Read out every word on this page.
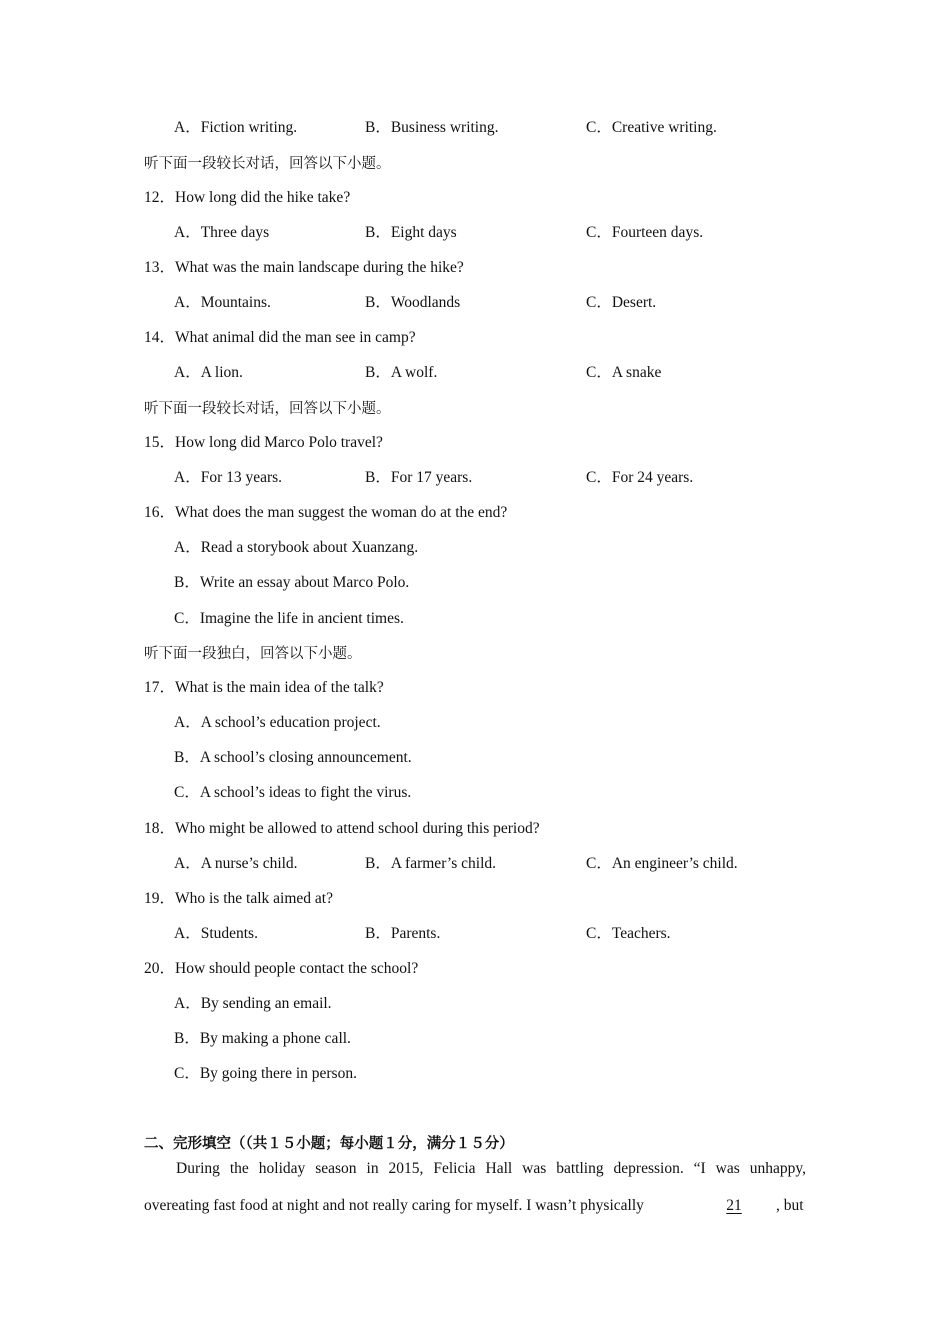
A．Fiction writing.	B．Business writing.	C．Creative writing.
听下面一段较长对话，回答以下小题。
12．How long did the hike take?
A．Three days	B．Eight days	C．Fourteen days.
13．What was the main landscape during the hike?
A．Mountains.	B．Woodlands	C．Desert.
14．What animal did the man see in camp?
A．A lion.	B．A wolf.	C．A snake
听下面一段较长对话，回答以下小题。
15．How long did Marco Polo travel?
A．For 13 years.	B．For 17 years.	C．For 24 years.
16．What does the man suggest the woman do at the end?
A．Read a storybook about Xuanzang.
B．Write an essay about Marco Polo.
C．Imagine the life in ancient times.
听下面一段独白，回答以下小题。
17．What is the main idea of the talk?
A．A school’s education project.
B．A school’s closing announcement.
C．A school’s ideas to fight the virus.
18．Who might be allowed to attend school during this period?
A．A nurse’s child.	B．A farmer’s child.	C．An engineer’s child.
19．Who is the talk aimed at?
A．Students.	B．Parents.	C．Teachers.
20．How should people contact the school?
A．By sending an email.
B．By making a phone call.
C．By going there in person.
二、完形填空（（共１５小题；每小题１分，满分１５分）
During the holiday season in 2015, Felicia Hall was battling depression. “I was unhappy,
overeating fast food at night and not really caring for myself. I wasn’t physically	21	, but
